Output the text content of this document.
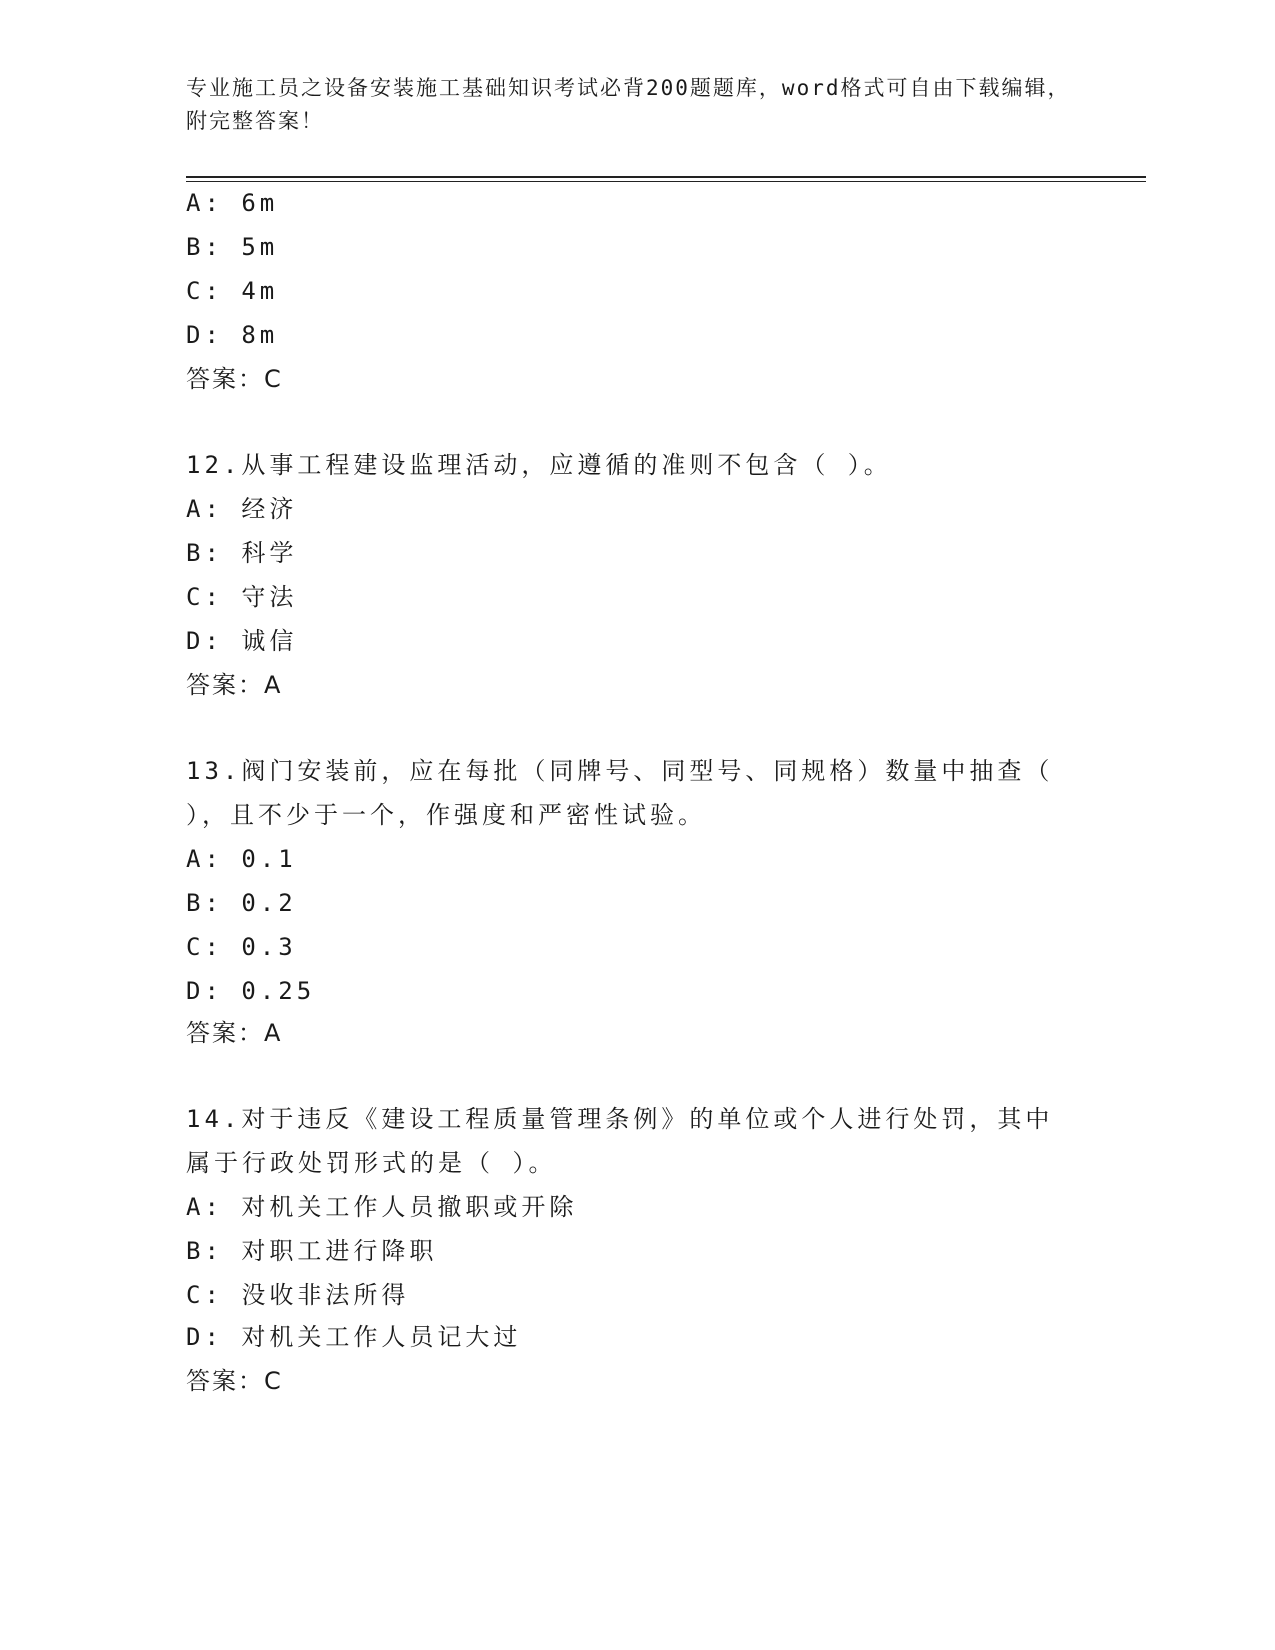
专业施工员之设备安装施工基础知识考试必背200题题库，word格式可自由下载编辑，附完整答案！
A: 6m
B: 5m
C: 4m
D: 8m
答案：C
12.从事工程建设监理活动，应遵循的准则不包含（ ）。
A: 经济
B: 科学
C: 守法
D: 诚信
答案：A
13.阀门安装前，应在每批（同牌号、同型号、同规格）数量中抽查（
），且不少于一个，作强度和严密性试验。
A: 0.1
B: 0.2
C: 0.3
D: 0.25
答案：A
14.对于违反《建设工程质量管理条例》的单位或个人进行处罚，其中
属于行政处罚形式的是（ ）。
A: 对机关工作人员撤职或开除
B: 对职工进行降职
C: 没收非法所得
D: 对机关工作人员记大过
答案：C
